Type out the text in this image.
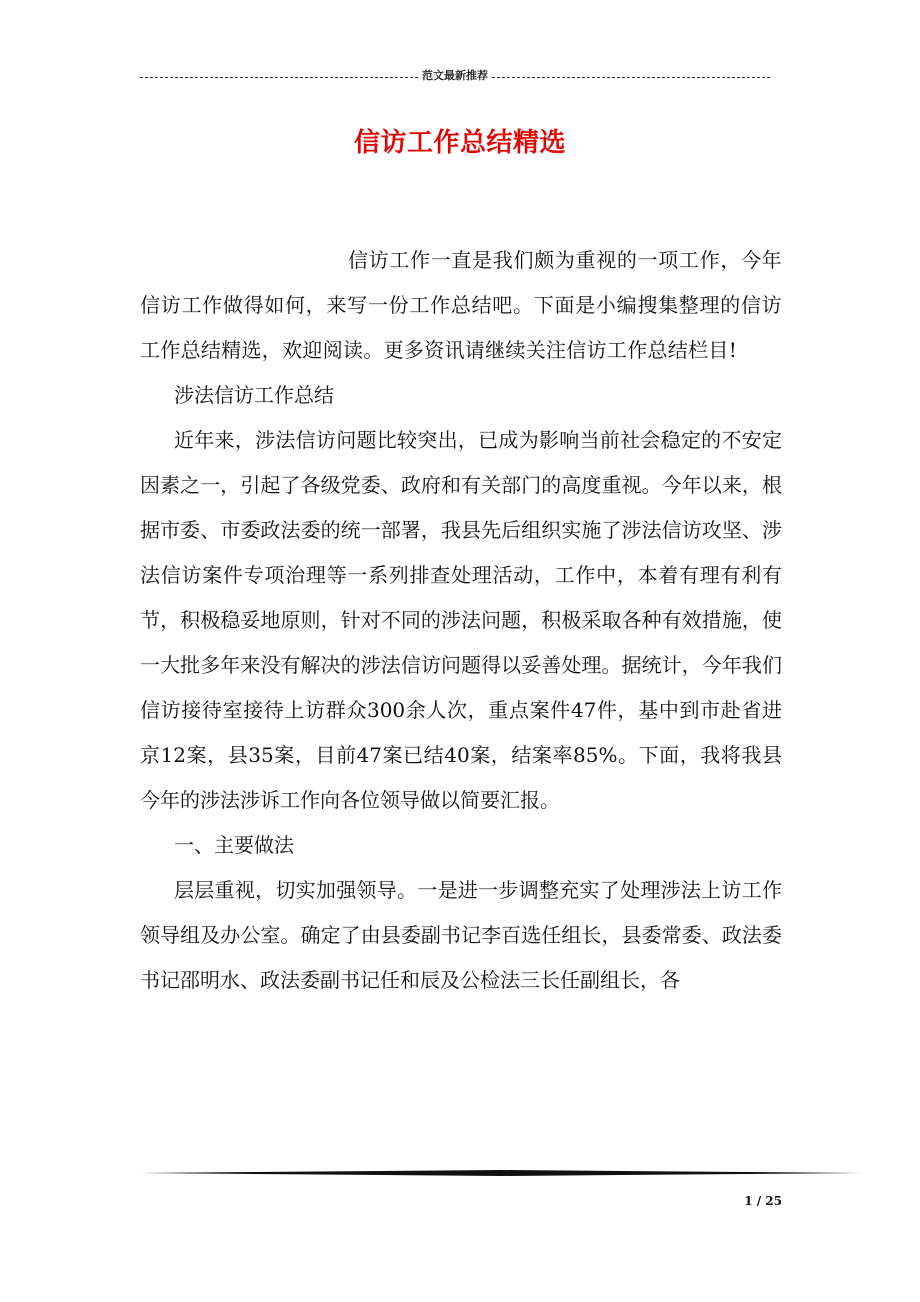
范文最新推荐
信访工作总结精选

信访工作一直是我们颇为重视的一项工作，今年信访工作做得如何，来写一份工作总结吧。下面是小编搜集整理的信访工作总结精选，欢迎阅读。更多资讯请继续关注信访工作总结栏目!

涉法信访工作总结

近年来，涉法信访问题比较突出，已成为影响当前社会稳定的不安定因素之一，引起了各级党委、政府和有关部门的高度重视。今年以来，根据市委、市委政法委的统一部署，我县先后组织实施了涉法信访攻坚、涉法信访案件专项治理等一系列排查处理活动，工作中，本着有理有利有节，积极稳妥地原则，针对不同的涉法问题，积极采取各种有效措施，使一大批多年来没有解决的涉法信访问题得以妥善处理。据统计，今年我们信访接待室接待上访群众300余人次，重点案件47件，基中到市赴省进京12案，县35案，目前47案已结40案，结案率85%。下面，我将我县今年的涉法涉诉工作向各位领导做以简要汇报。

一、主要做法

层层重视，切实加强领导。一是进一步调整充实了处理涉法上访工作领导组及办公室。确定了由县委副书记李百选任组长，县委常委、政法委书记邵明水、政法委副书记任和辰及公检法三长任副组长，各

1 / 25
